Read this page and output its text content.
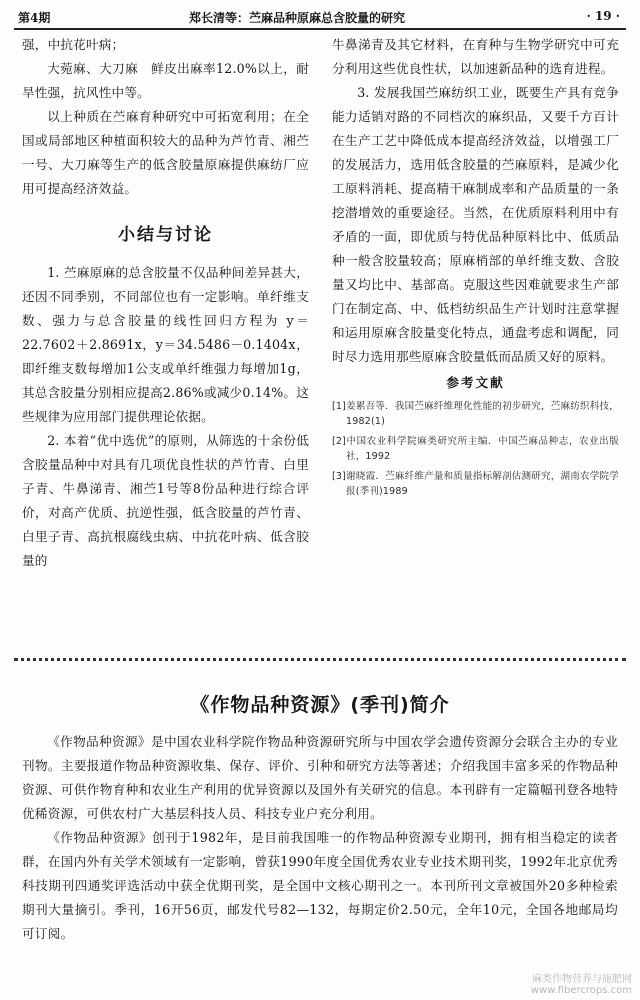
第4期	郑长清等：苎麻品种原麻总含胶量的研究	· 19 ·

强，中抗花叶病；

大菀麻、大刀麻　鲜皮出麻率12.0%以上，耐旱性强，抗风性中等。

以上种质在苎麻育种研究中可拓宽利用；在全国或局部地区种植面积较大的品种为芦竹青、湘苎一号、大刀麻等生产的低含胶量原麻提供麻纺厂应用可提高经济效益。

小结与讨论

1. 苎麻原麻的总含胶量不仅品种间差异甚大，还因不同季别，不同部位也有一定影响。单纤维支数、强力与总含胶量的线性回归方程为 y＝22.7602＋2.8691x，y＝34.5486－0.1404x，即纤维支数每增加1公支或单纤维强力每增加1g，其总含胶量分别相应提高2.86%或减少0.14%。这些规律为应用部门提供理论依据。

2. 本着“优中选优”的原则，从筛选的十余份低含胶量品种中对具有几项优良性状的芦竹青、白里子青、牛鼻涕青、湘苎1号等8份品种进行综合评价，对高产优质、抗逆性强，低含胶量的芦竹青、白里子青、高抗根腐线虫病、中抗花叶病、低含胶量的

牛鼻涕青及其它材料，在育种与生物学研究中可充分利用这些优良性状，以加速新品种的选育进程。

3. 发展我国苎麻纺织工业，既要生产具有竞争能力适销对路的不同档次的麻织品，又要千方百计在生产工艺中降低成本提高经济效益，以增强工厂的发展活力，选用低含胶量的苎麻原料，是减少化工原料消耗、提高精干麻制成率和产品质量的一条挖潜增效的重要途径。当然，在优质原料利用中有矛盾的一面，即优质与特优品种原料比中、低质品种一般含胶量较高；原麻梢部的单纤维支数、含胶量又均比中、基部高。克服这些因难就要求生产部门在制定高、中、低档纺织品生产计划时注意掌握和运用原麻含胶量变化特点，通盘考虑和调配，同时尽力选用那些原麻含胶量低而品质又好的原料。

参考文献

[1]姜累吾等．我国苎麻纤维理化性能的初步研究，苎麻纺织科技，1982(1)

[2]中国农业科学院麻类研究所主编．中国苎麻品种志，农业出版社，1992

[3]谢晓霞．苎麻纤维产量和质量指标解剖估测研究，湖南农学院学报(季刊)1989

《作物品种资源》(季刊)简介

《作物品种资源》是中国农业科学院作物品种资源研究所与中国农学会遗传资源分会联合主办的专业刊物。主要报道作物品种资源收集、保存、评价、引种和研究方法等著述；介绍我国丰富多采的作物品种资源、可供作物育种和农业生产利用的优异资源以及国外有关研究的信息。本刊辟有一定篇幅刊登各地特优稀资源，可供农村广大基层科技人员、科技专业户充分利用。

《作物品种资源》创刊于1982年，是目前我国唯一的作物品种资源专业期刊，拥有相当稳定的读者群，在国内外有关学术领域有一定影响，曾获1990年度全国优秀农业专业技术期刊奖，1992年北京优秀科技期刊四通奖评选活动中获全优期刊奖，是全国中文核心期刊之一。本刊所刊文章被国外20多种检索期刊大量摘引。季刊，16开56页，邮发代号82—132，每期定价2.50元，全年10元，全国各地邮局均可订阅。

麻类作物营养与施肥网
www.fibercrops.com
